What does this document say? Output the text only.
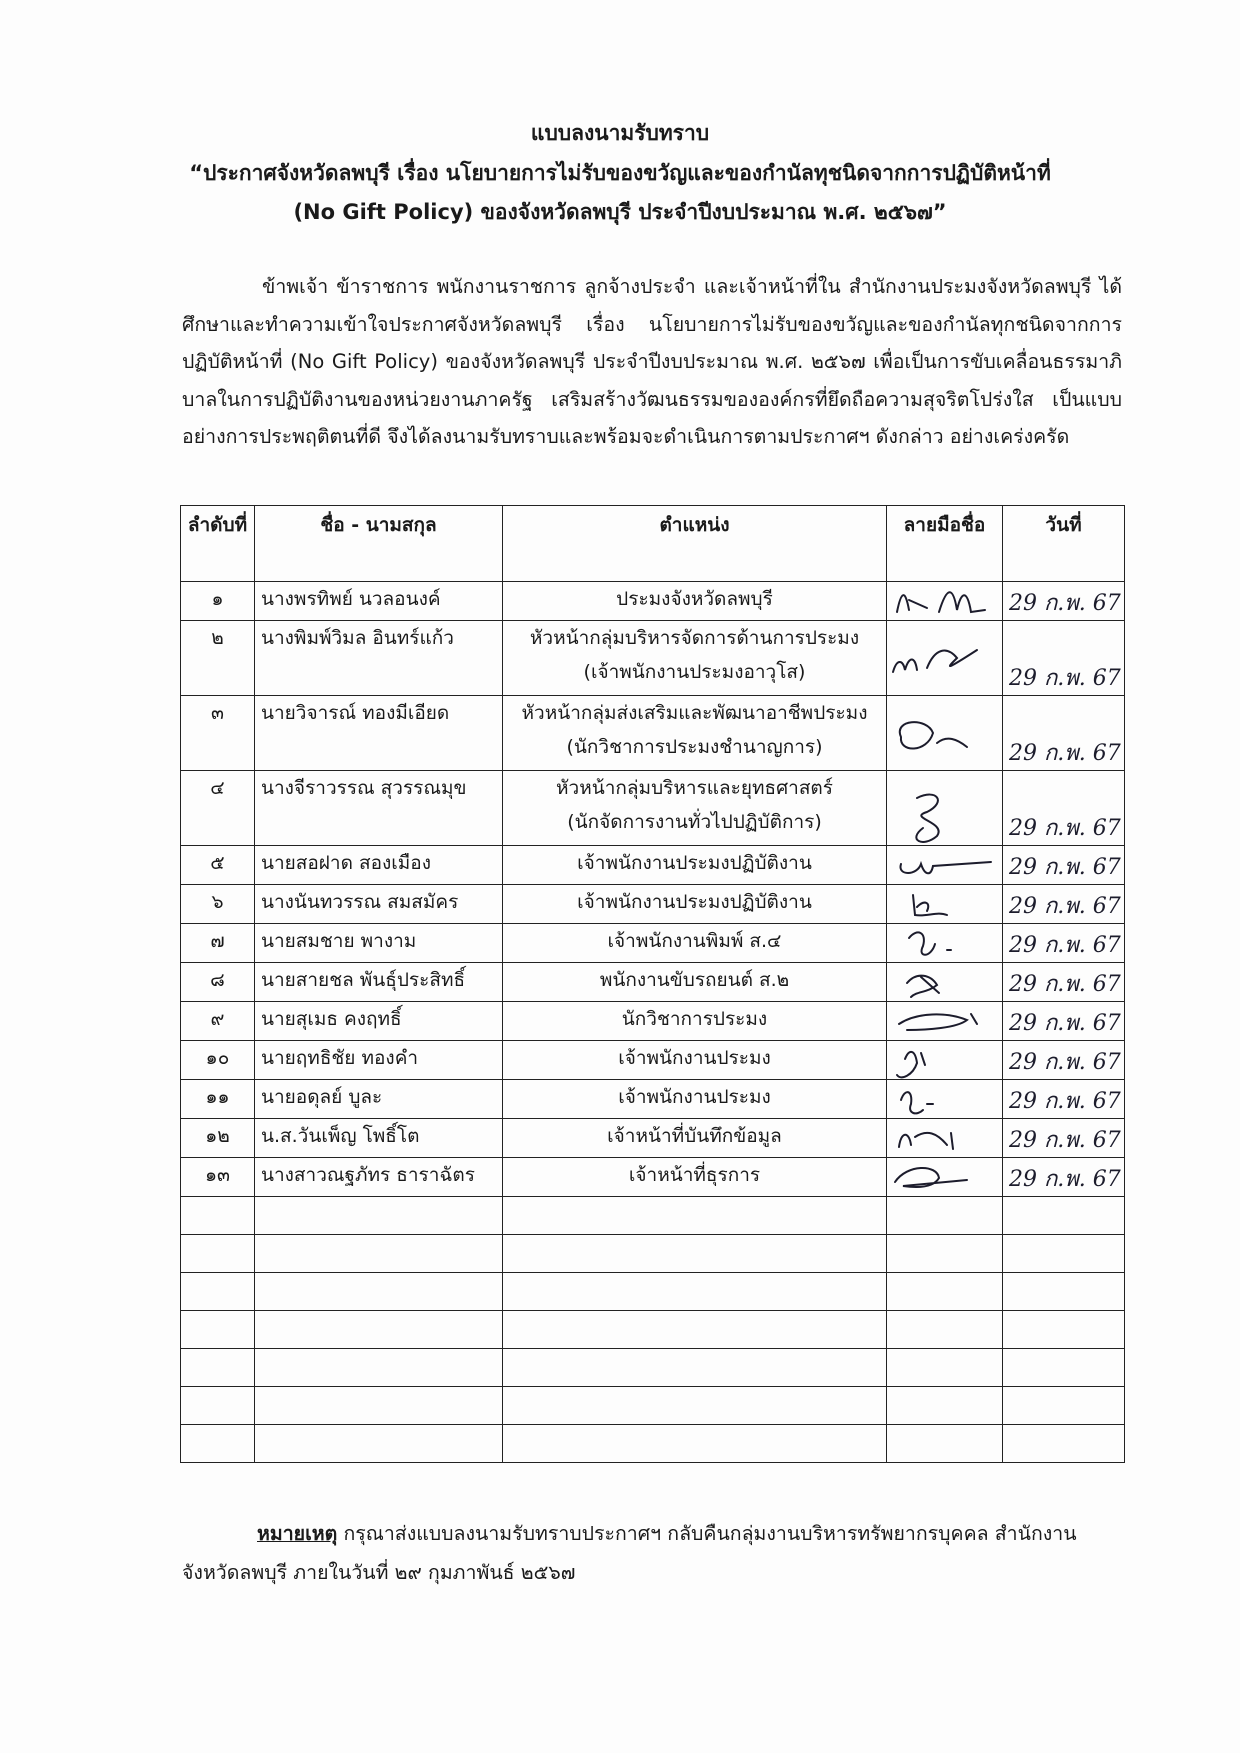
แบบลงนามรับทราบ
“ประกาศจังหวัดลพบุรี เรื่อง นโยบายการไม่รับของขวัญและของกำนัลทุชนิดจากการปฏิบัติหน้าที่
(No Gift Policy) ของจังหวัดลพบุรี ประจำปีงบประมาณ พ.ศ. ๒๕๖๗”
ข้าพเจ้า ข้าราชการ พนักงานราชการ ลูกจ้างประจำ และเจ้าหน้าที่ใน สำนักงานประมงจังหวัดลพบุรี ได้ศึกษาและทำความเข้าใจประกาศจังหวัดลพบุรี เรื่อง นโยบายการไม่รับของขวัญและของกำนัลทุกชนิดจากการปฏิบัติหน้าที่ (No Gift Policy) ของจังหวัดลพบุรี ประจำปีงบประมาณ พ.ศ. ๒๕๖๗ เพื่อเป็นการขับเคลื่อนธรรมาภิบาลในการปฏิบัติงานของหน่วยงานภาครัฐ เสริมสร้างวัฒนธรรมขององค์กรที่ยึดถือความสุจริตโปร่งใส เป็นแบบอย่างการประพฤติตนที่ดี จึงได้ลงนามรับทราบและพร้อมจะดำเนินการตามประกาศฯ ดังกล่าว อย่างเคร่งครัด
ลำดับที่	ชื่อ - นามสกุล	ตำแหน่ง	ลายมือชื่อ	วันที่
๑	นางพรทิพย์ นวลอนงค์	ประมงจังหวัดลพบุรี		29 ก.พ. 67

๒	นางพิมพ์วิมล อินทร์แก้ว	หัวหน้ากลุ่มบริหารจัดการด้านการประมง
(เจ้าพนักงานประมงอาวุโส)		29 ก.พ. 67

๓	นายวิจารณ์ ทองมีเอียด	หัวหน้ากลุ่มส่งเสริมและพัฒนาอาชีพประมง
(นักวิชาการประมงชำนาญการ)		29 ก.พ. 67

๔	นางจีราวรรณ สุวรรณมุข	หัวหน้ากลุ่มบริหารและยุทธศาสตร์
(นักจัดการงานทั่วไปปฏิบัติการ)		29 ก.พ. 67

๕	นายสอฝาด สองเมือง	เจ้าพนักงานประมงปฏิบัติงาน		29 ก.พ. 67

๖	นางนันทวรรณ สมสมัคร	เจ้าพนักงานประมงปฏิบัติงาน		29 ก.พ. 67

๗	นายสมชาย พางาม	เจ้าพนักงานพิมพ์ ส.๔		29 ก.พ. 67

๘	นายสายชล พันธุ์ประสิทธิ์	พนักงานขับรถยนต์ ส.๒		29 ก.พ. 67

๙	นายสุเมธ คงฤทธิ์	นักวิชาการประมง		29 ก.พ. 67

๑๐	นายฤทธิชัย ทองคำ	เจ้าพนักงานประมง		29 ก.พ. 67

๑๑	นายอดุลย์ บูละ	เจ้าพนักงานประมง		29 ก.พ. 67

๑๒	น.ส.วันเพ็ญ โพธิ์โต	เจ้าหน้าที่บันทึกข้อมูล		29 ก.พ. 67

๑๓	นางสาวณฐภัทร ธาราฉัตร	เจ้าหน้าที่ธุรการ		29 ก.พ. 67

หมายเหตุ กรุณาส่งแบบลงนามรับทราบประกาศฯ กลับคืนกลุ่มงานบริหารทรัพยากรบุคคล สำนักงานจังหวัดลพบุรี ภายในวันที่ ๒๙ กุมภาพันธ์ ๒๕๖๗
